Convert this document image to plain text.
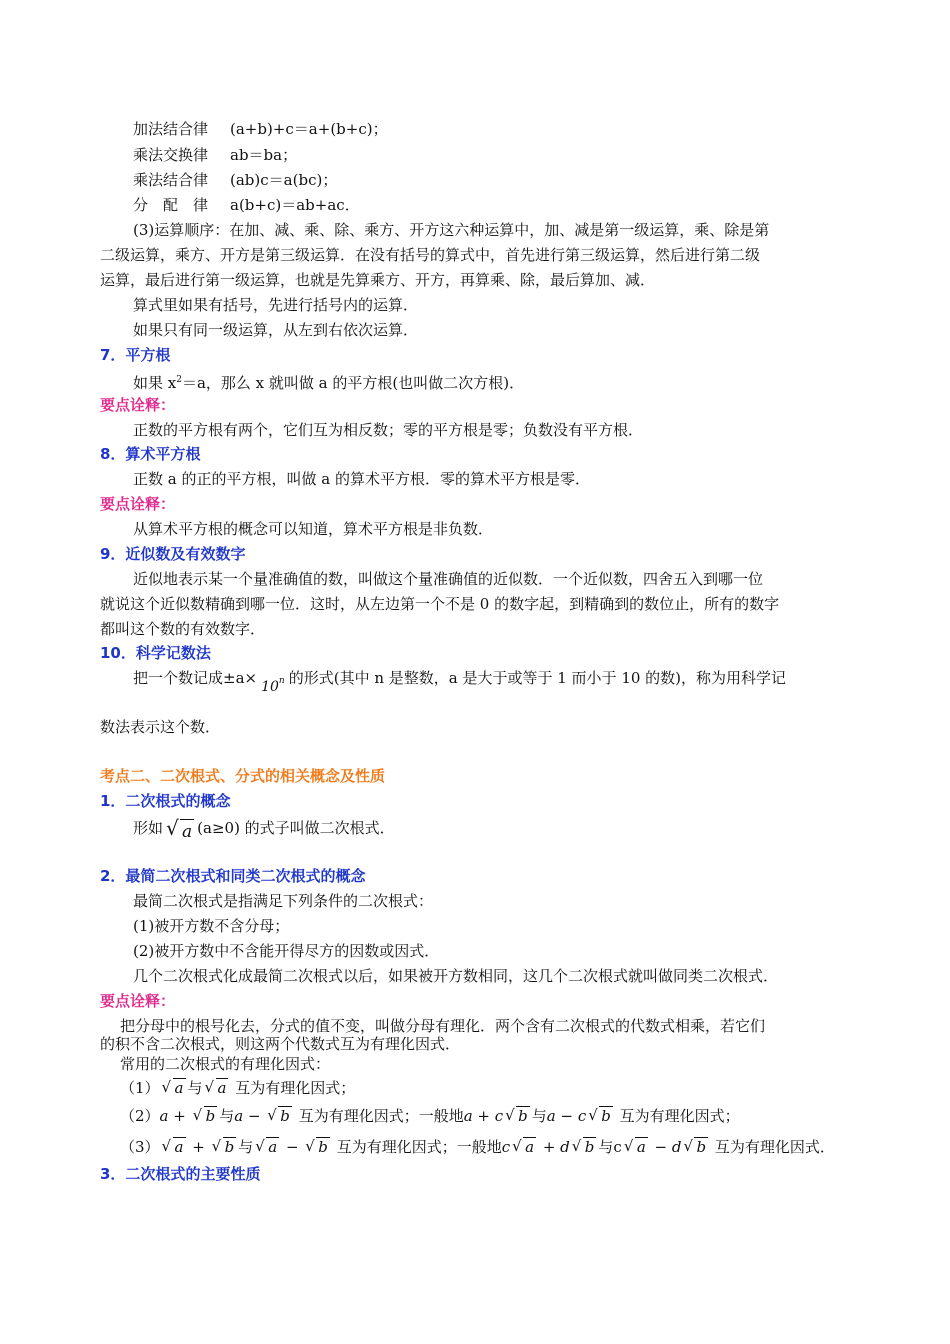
加法结合律 (a+b)+c＝a+(b+c)；
乘法交换律 ab＝ba；
乘法结合律 (ab)c＝a(bc)；
分　配　律 a(b+c)＝ab+ac．
(3)运算顺序：在加、减、乘、除、乘方、开方这六种运算中，加、减是第一级运算，乘、除是第
二级运算，乘方、开方是第三级运算．在没有括号的算式中，首先进行第三级运算，然后进行第二级
运算，最后进行第一级运算，也就是先算乘方、开方，再算乘、除，最后算加、减．
算式里如果有括号，先进行括号内的运算．
如果只有同一级运算，从左到右依次运算．
7．平方根
如果 $x^2=a$，那么 x 就叫做 a 的平方根(也叫做二次方根)．
要点诠释：
正数的平方根有两个，它们互为相反数；零的平方根是零；负数没有平方根．
8．算术平方根
正数 a 的正的平方根，叫做 a 的算术平方根．零的算术平方根是零．
要点诠释：
从算术平方根的概念可以知道，算术平方根是非负数．
9．近似数及有效数字
近似地表示某一个量准确值的数，叫做这个量准确值的近似数．一个近似数，四舍五入到哪一位
就说这个近似数精确到哪一位．这时，从左边第一个不是 0 的数字起，到精确到的数位止，所有的数字
都叫这个数的有效数字．
10．科学记数法
把一个数记成$\pm a\times 10^n$ 的形式(其中 n 是整数，a 是大于或等于 1 而小于 10 的数)，称为用科学记
数法表示这个数．
考点二、二次根式、分式的相关概念及性质
1．二次根式的概念
形如 √ a (a≥0) 的式子叫做二次根式．
2．最简二次根式和同类二次根式的概念
最简二次根式是指满足下列条件的二次根式：
(1)被开方数不含分母；
(2)被开方数中不含能开得尽方的因数或因式．
几个二次根式化成最简二次根式以后，如果被开方数相同，这几个二次根式就叫做同类二次根式．
要点诠释：
把分母中的根号化去，分式的值不变，叫做分母有理化．两个含有二次根式的代数式相乘，若它们
的积不含二次根式，则这两个代数式互为有理化因式．
常用的二次根式的有理化因式：
（1） √ a 与 √ a 互为有理化因式；
（2）a + √ b 与a − √ b 互为有理化因式；一般地a + c √ b 与a − c √ b 互为有理化因式；
（3） √ a + √ b 与 √ a − √ b 互为有理化因式；一般地c √ a + d √ b 与c √ a − d √ b 互为有理化因式．
3．二次根式的主要性质
